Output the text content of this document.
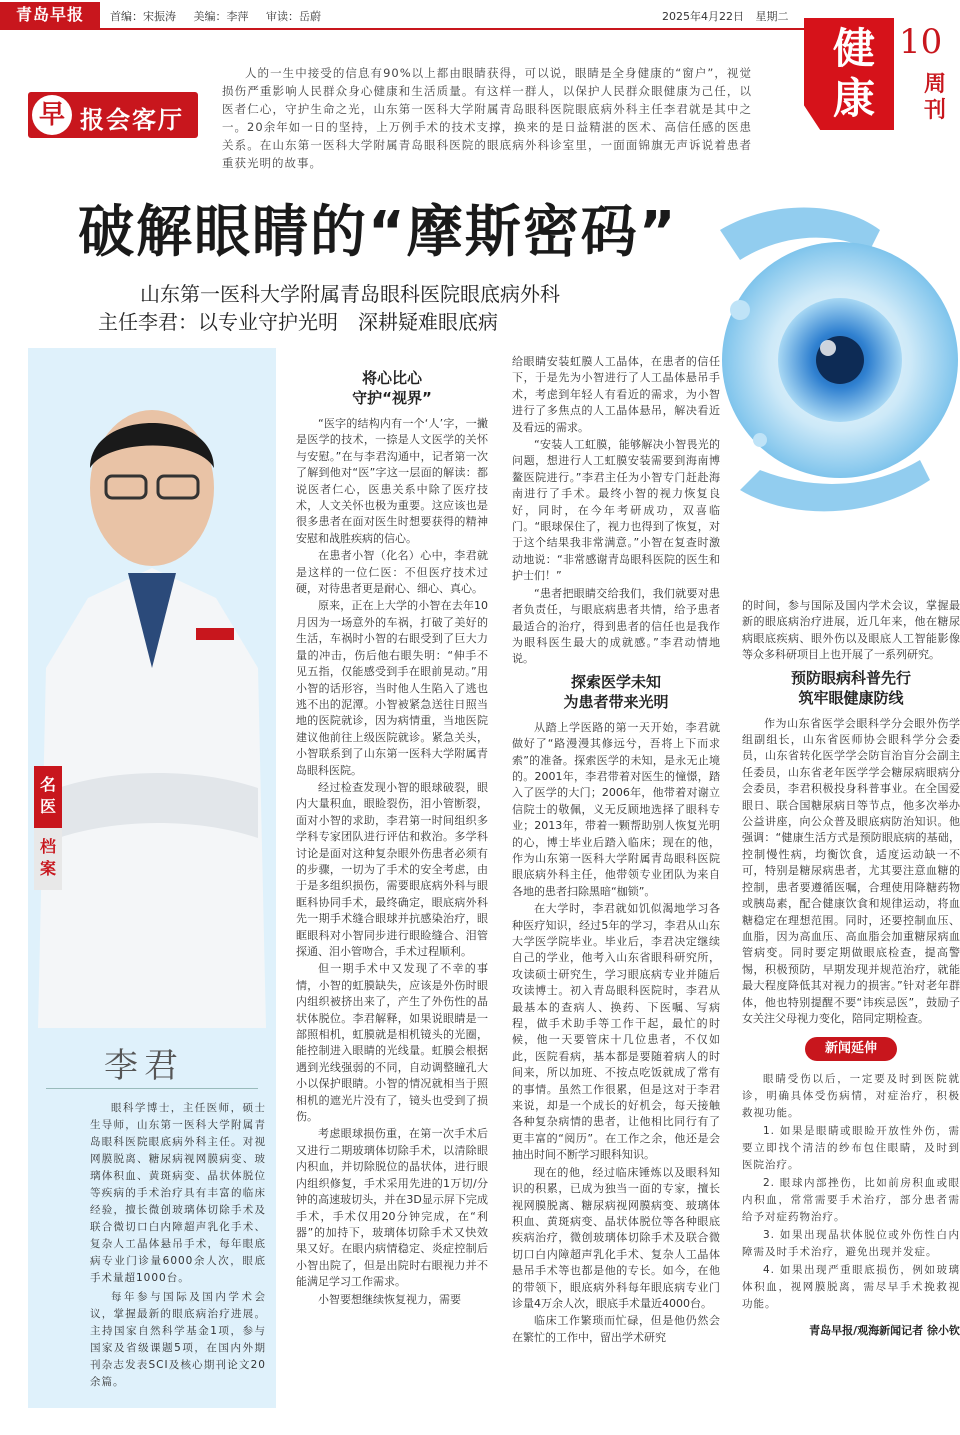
青岛早报	首编：宋振涛 美编：李萍 审读：岳蔚	2025年4月22日 星期二
健
康
10
周刊
早 报会客厅
人的一生中接受的信息有90%以上都由眼睛获得，可以说，眼睛是全身健康的“窗户”，视觉损伤严重影响人民群众身心健康和生活质量。有这样一群人，以保护人民群众眼健康为己任，以医者仁心，守护生命之光，山东第一医科大学附属青岛眼科医院眼底病外科主任李君就是其中之一。20余年如一日的坚持，上万例手术的技术支撑，换来的是日益精湛的医术、高信任感的医患关系。在山东第一医科大学附属青岛眼科医院的眼底病外科诊室里，一面面锦旗无声诉说着患者重获光明的故事。
破解眼睛的“摩斯密码”
山东第一医科大学附属青岛眼科医院眼底病外科
主任李君：以专业守护光明　深耕疑难眼底病
名医
档案
李君

眼科学博士，主任医师，硕士生导师，山东第一医科大学附属青岛眼科医院眼底病外科主任。对视网膜脱离、糖尿病视网膜病变、玻璃体积血、黄斑病变、晶状体脱位等疾病的手术治疗具有丰富的临床经验，擅长微创玻璃体切除手术及联合微切口白内障超声乳化手术、复杂人工晶体悬吊手术，每年眼底病专业门诊量6000余人次，眼底手术量超1000台。

每年参与国际及国内学术会议，掌握最新的眼底病治疗进展。主持国家自然科学基金1项，参与国家及省级课题5项，在国内外期刊杂志发表SCI及核心期刊论文20余篇。

将心比心
守护“视界”

“医字的结构内有一个‘人’字，一撇是医学的技术，一捺是人文医学的关怀与安慰。”在与李君沟通中，记者第一次了解到他对“医”字这一层面的解读：都说医者仁心，医患关系中除了医疗技术，人文关怀也极为重要。这应该也是很多患者在面对医生时想要获得的精神安慰和战胜疾病的信心。

在患者小智（化名）心中，李君就是这样的一位仁医：不但医疗技术过硬，对待患者更是耐心、细心、真心。

原来，正在上大学的小智在去年10月因为一场意外的车祸，打破了美好的生活，车祸时小智的右眼受到了巨大力量的冲击，伤后他右眼失明：“伸手不见五指，仅能感受到手在眼前晃动。”用小智的话形容，当时他人生陷入了逃也逃不出的泥潭。小智被紧急送往日照当地的医院就诊，因为病情重，当地医院建议他前往上级医院就诊。紧急关头，小智联系到了山东第一医科大学附属青岛眼科医院。

经过检查发现小智的眼球破裂，眼内大量积血，眼睑裂伤，泪小管断裂，面对小智的求助，李君第一时间组织多学科专家团队进行评估和救治。多学科讨论是面对这种复杂眼外伤患者必须有的步骤，一切为了手术的安全考虑，由于是多组织损伤，需要眼底病外科与眼眶科协同手术，最终确定，眼底病外科先一期手术缝合眼球并抗感染治疗，眼眶眼科对小智同步进行眼睑缝合、泪管探通、泪小管吻合，手术过程顺利。

但一期手术中又发现了不幸的事情，小智的虹膜缺失，应该是外伤时眼内组织被挤出来了，产生了外伤性的晶状体脱位。李君解释，如果说眼睛是一部照相机，虹膜就是相机镜头的光圈，能控制进入眼睛的光线量。虹膜会根据遇到光线强弱的不同，自动调整瞳孔大小以保护眼睛。小智的情况就相当于照相机的遮光片没有了，镜头也受到了损伤。

考虑眼球损伤重，在第一次手术后又进行二期玻璃体切除手术，以清除眼内积血，并切除脱位的晶状体，进行眼内组织修复，手术采用先进的1万切/分钟的高速玻切头，并在3D显示屏下完成手术，手术仅用20分钟完成，在“利器”的加持下，玻璃体切除手术又快效果又好。在眼内病情稳定、炎症控制后小智出院了，但是出院时右眼视力并不能满足学习工作需求。

小智要想继续恢复视力，需要

给眼睛安装虹膜人工晶体，在患者的信任下，于是先为小智进行了人工晶体悬吊手术，考虑到年轻人有看近的需求，为小智进行了多焦点的人工晶体悬吊，解决看近及看远的需求。

“安装人工虹膜，能够解决小智畏光的问题，想进行人工虹膜安装需要到海南博鳌医院进行。”李君主任为小智专门赶赴海南进行了手术。最终小智的视力恢复良好，同时，在今年考研成功，双喜临门。“眼球保住了，视力也得到了恢复，对于这个结果我非常满意。”小智在复查时激动地说：“非常感谢青岛眼科医院的医生和护士们！”

“患者把眼睛交给我们，我们就要对患者负责任，与眼底病患者共情，给予患者最适合的治疗，得到患者的信任也是我作为眼科医生最大的成就感。”李君动情地说。

探索医学未知
为患者带来光明

从踏上学医路的第一天开始，李君就做好了“路漫漫其修远兮，吾将上下而求索”的准备。探索医学的未知，是永无止境的。2001年，李君带着对医生的憧憬，踏入了医学的大门；2006年，他带着对谢立信院士的敬佩，义无反顾地选择了眼科专业；2013年，带着一颗帮助别人恢复光明的心，博士毕业后踏入临床；现在的他，作为山东第一医科大学附属青岛眼科医院眼底病外科主任，他带领专业团队为来自各地的患者扫除黑暗“枷锁”。

在大学时，李君就如饥似渴地学习各种医疗知识，经过5年的学习，李君从山东大学医学院毕业。毕业后，李君决定继续自己的学业，他考入山东省眼科研究所，攻读硕士研究生，学习眼底病专业并随后攻读博士。初入青岛眼科医院时，李君从最基本的查病人、换药、下医嘱、写病程，做手术助手等工作干起，最忙的时候，他一天要管床十几位患者，不仅如此，医院看病，基本都是要随着病人的时间来，所以加班、不按点吃饭就成了常有的事情。虽然工作很累，但是这对于李君来说，却是一个成长的好机会，每天接触各种复杂病情的患者，让他相比同行有了更丰富的“阅历”。在工作之余，他还是会抽出时间不断学习眼科知识。

现在的他，经过临床锤炼以及眼科知识的积累，已成为独当一面的专家，擅长视网膜脱离、糖尿病视网膜病变、玻璃体积血、黄斑病变、晶状体脱位等各种眼底疾病治疗，微创玻璃体切除手术及联合微切口白内障超声乳化手术、复杂人工晶体悬吊手术等也都是他的专长。如今，在他的带领下，眼底病外科每年眼底病专业门诊量4万余人次，眼底手术量近4000台。

临床工作繁琐而忙碌，但是他仍然会在繁忙的工作中，留出学术研究

的时间，参与国际及国内学术会议，掌握最新的眼底病治疗进展，近几年来，他在糖尿病眼底疾病、眼外伤以及眼底人工智能影像等众多科研项目上也开展了一系列研究。

预防眼病科普先行
筑牢眼健康防线

作为山东省医学会眼科学分会眼外伤学组副组长，山东省医师协会眼科学分会委员，山东省转化医学学会防盲治盲分会副主任委员，山东省老年医学学会糖尿病眼病分会委员，李君积极投身科普事业。在全国爱眼日、联合国糖尿病日等节点，他多次举办公益讲座，向公众普及眼底病防治知识。他强调：“健康生活方式是预防眼底病的基础，控制慢性病，均衡饮食，适度运动缺一不可，特别是糖尿病患者，尤其要注意血糖的控制，患者要遵循医嘱，合理使用降糖药物或胰岛素，配合健康饮食和规律运动，将血糖稳定在理想范围。同时，还要控制血压、血脂，因为高血压、高血脂会加重糖尿病血管病变。同时要定期做眼底检查，提高警惕，积极预防，早期发现并规范治疗，就能最大程度降低其对视力的损害。”针对老年群体，他也特别提醒不要“讳疾忌医”，鼓励子女关注父母视力变化，陪同定期检查。

新闻延伸

眼睛受伤以后，一定要及时到医院就诊，明确具体受伤病情，对症治疗，积极救视功能。

1. 如果是眼睛或眼睑开放性外伤，需要立即找个清洁的纱布包住眼睛，及时到医院治疗。

2. 眼球内部挫伤，比如前房积血或眼内积血，常常需要手术治疗，部分患者需给予对症药物治疗。

3. 如果出现晶状体脱位或外伤性白内障需及时手术治疗，避免出现并发症。

4. 如果出现严重眼底损伤，例如玻璃体积血，视网膜脱离，需尽早手术挽救视功能。

青岛早报/观海新闻记者 徐小钦
